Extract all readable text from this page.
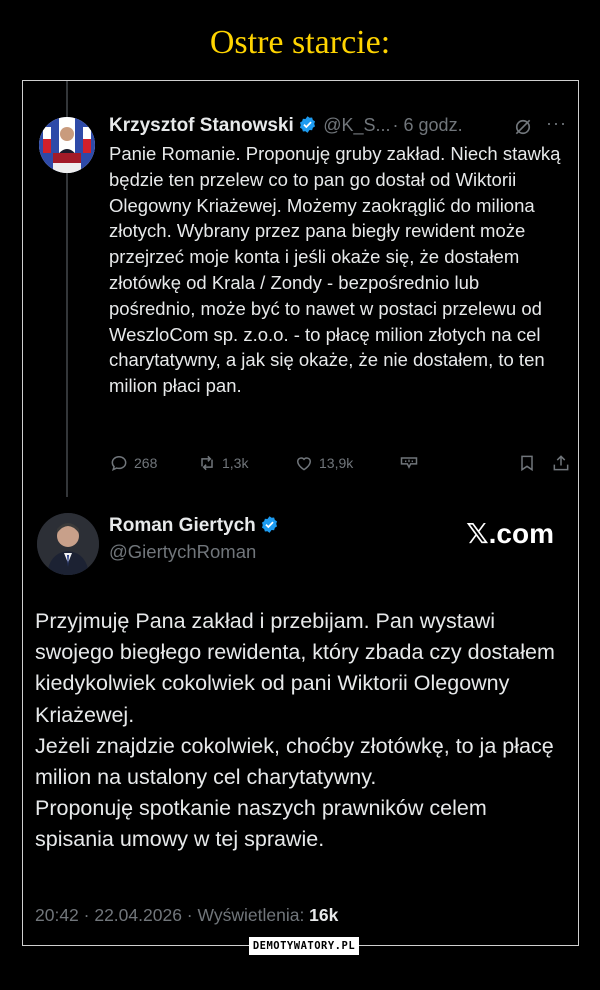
Ostre starcie:
Krzysztof Stanowski @K_S... · 6 godz.	···
Panie Romanie. Proponuję gruby zakład. Niech stawką będzie ten przelew co to pan go dostał od Wiktorii Olegowny Kriażewej. Możemy zaokrąglić do miliona złotych. Wybrany przez pana biegły rewident może przejrzeć moje konta i jeśli okaże się, że dostałem złotówkę od Krala / Zondy - bezpośrednio lub pośrednio, może być to nawet w postaci przelewu od WeszloCom sp. z.o.o. - to płacę milion złotych na cel charytatywny, a jak się okaże, że nie dostałem, to ten milion płaci pan.
268	1,3k	13,9k
Roman Giertych
@GiertychRoman
𝕏.com

Przyjmuję Pana zakład i przebijam. Pan wystawi swojego biegłego rewidenta, który zbada czy dostałem kiedykolwiek cokolwiek od pani Wiktorii Olegowny Kriażewej.

Jeżeli znajdzie cokolwiek, choćby złotówkę, to ja płacę milion na ustalony cel charytatywny.

Proponuję spotkanie naszych prawników celem spisania umowy w tej sprawie.

20:42 · 22.04.2026 · Wyświetlenia: 16k
DEMOTYWATORY.PL
